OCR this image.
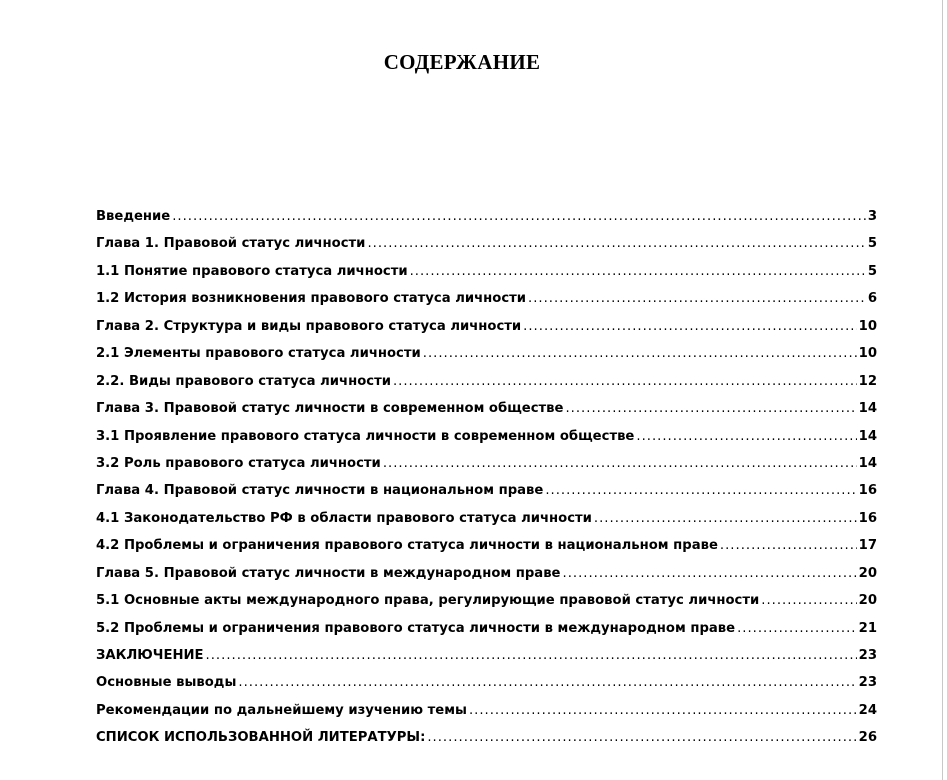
СОДЕРЖАНИЕ
Введение .....	3
Глава 1. Правовой статус личности .....	5
1.1 Понятие правового статуса личности .....	5
1.2 История возникновения правового статуса личности .....	6
Глава 2. Структура и виды правового статуса личности .....	10
2.1 Элементы правового статуса личности .....	10
2.2. Виды правового статуса личности .....	12
Глава 3. Правовой статус личности в современном обществе .....	14
3.1 Проявление правового статуса личности в современном обществе .....	14
3.2 Роль правового статуса личности .....	14
Глава 4. Правовой статус личности в национальном праве .....	16
4.1 Законодательство РФ в области правового статуса личности .....	16
4.2 Проблемы и ограничения правового статуса личности в национальном праве .....	17
Глава 5. Правовой статус личности в международном праве .....	20
5.1 Основные акты международного права, регулирующие правовой статус личности .....	20
5.2 Проблемы и ограничения правового статуса личности в международном праве .....	21
ЗАКЛЮЧЕНИЕ .....	23
Основные выводы .....	23
Рекомендации по дальнейшему изучению темы .....	24
СПИСОК ИСПОЛЬЗОВАННОЙ ЛИТЕРАТУРЫ: .....	26
